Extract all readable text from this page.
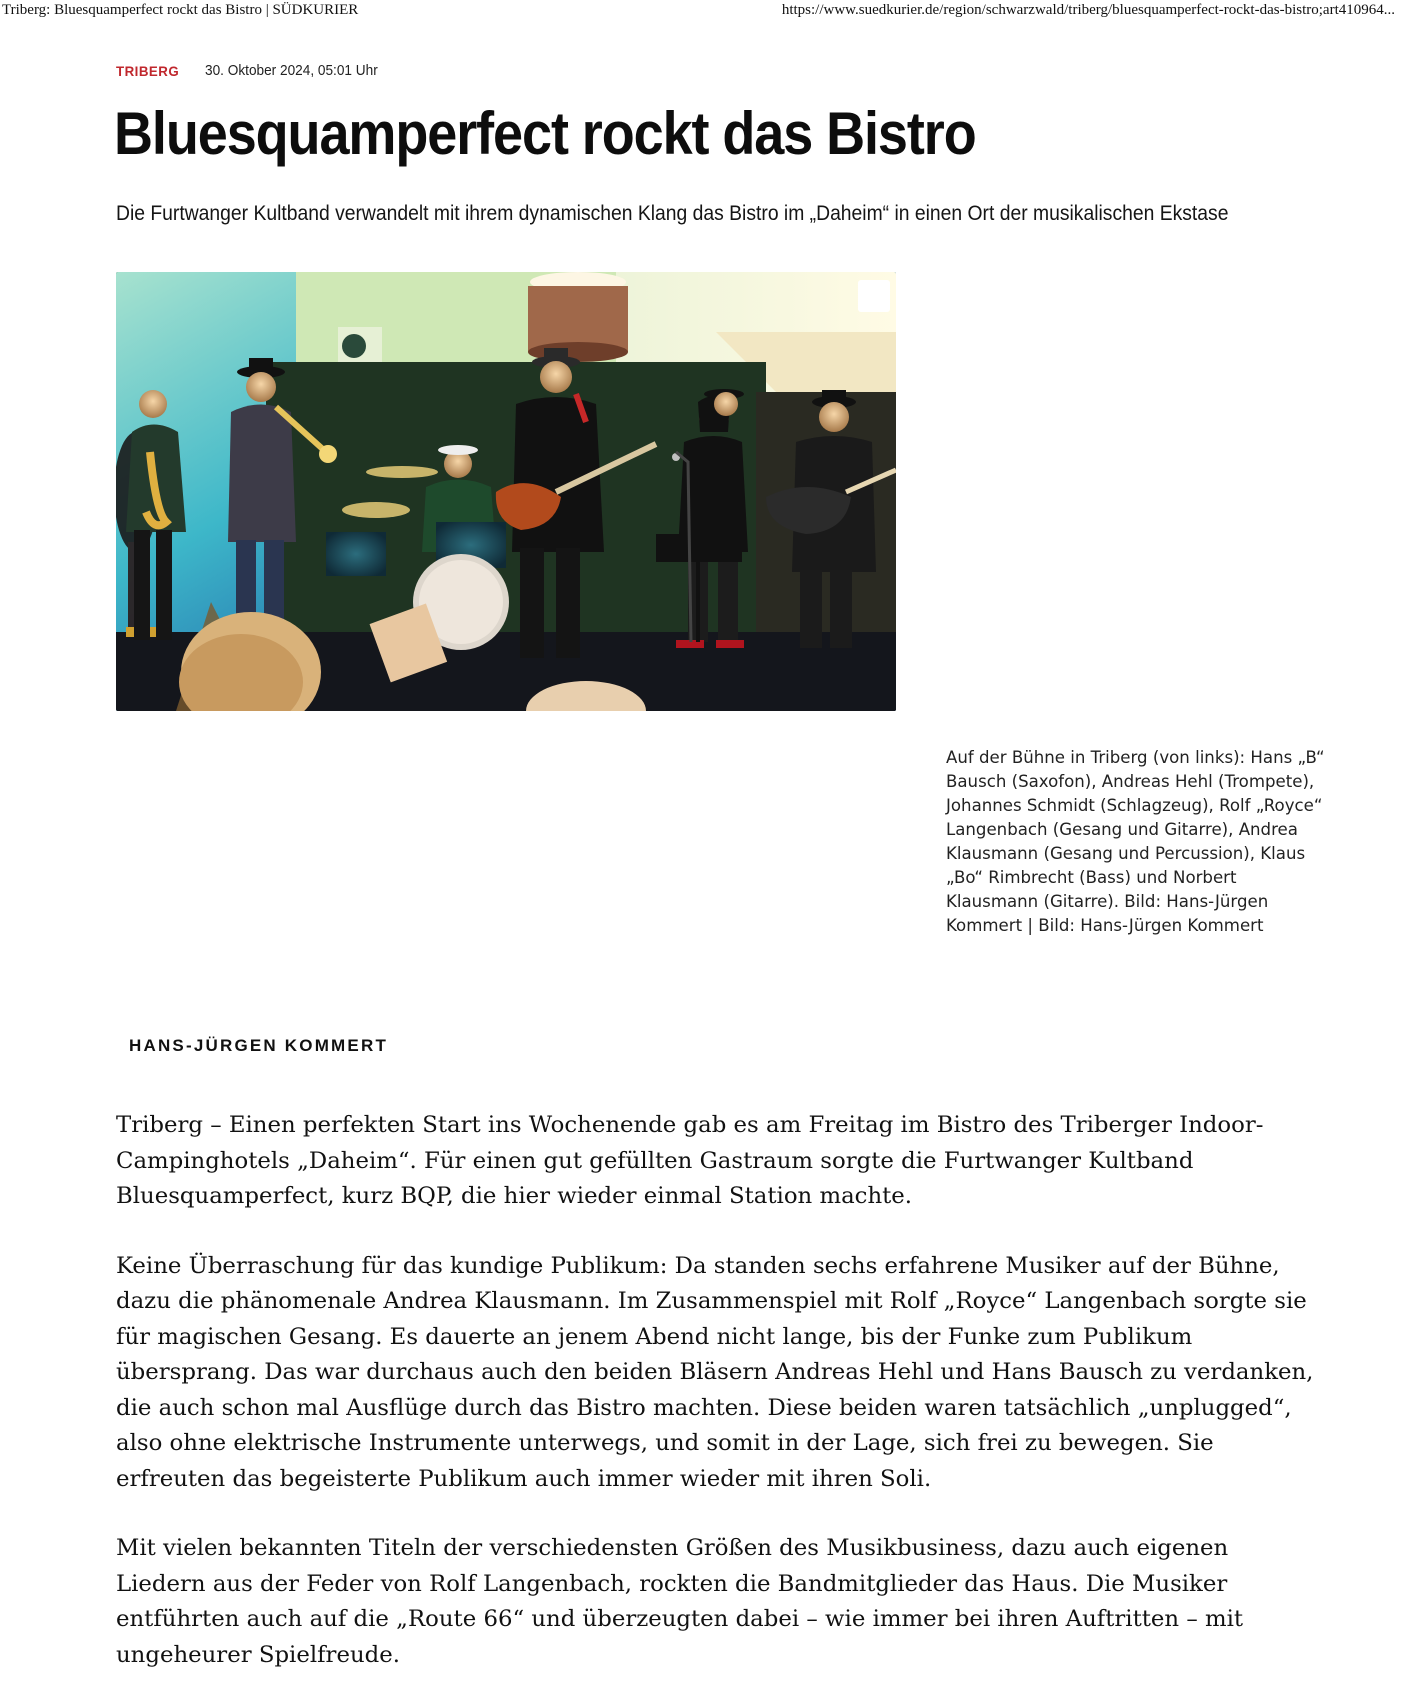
Triberg: Bluesquamperfect rockt das Bistro | SÜDKURIER	https://www.suedkurier.de/region/schwarzwald/triberg/bluesquamperfect-rockt-das-bistro;art410964...
TRIBERG 30. Oktober 2024, 05:01 Uhr
Bluesquamperfect rockt das Bistro

Die Furtwanger Kultband verwandelt mit ihrem dynamischen Klang das Bistro im „Daheim“ in einen Ort der musikalischen Ekstase

Auf der Bühne in Triberg (von links): Hans „B“ Bausch (Saxofon), Andreas Hehl (Trompete), Johannes Schmidt (Schlagzeug), Rolf „Royce“ Langenbach (Gesang und Gitarre), Andrea Klausmann (Gesang und Percussion), Klaus „Bo“ Rimbrecht (Bass) und Norbert Klausmann (Gitarre). Bild: Hans-Jürgen Kommert | Bild: Hans-Jürgen Kommert

HANS-JÜRGEN KOMMERT

Triberg – Einen perfekten Start ins Wochenende gab es am Freitag im Bistro des Triberger Indoor-Campinghotels „Daheim“. Für einen gut gefüllten Gastraum sorgte die Furtwanger Kultband Bluesquamperfect, kurz BQP, die hier wieder einmal Station machte.

Keine Überraschung für das kundige Publikum: Da standen sechs erfahrene Musiker auf der Bühne, dazu die phänomenale Andrea Klausmann. Im Zusammenspiel mit Rolf „Royce“ Langenbach sorgte sie für magischen Gesang. Es dauerte an jenem Abend nicht lange, bis der Funke zum Publikum übersprang. Das war durchaus auch den beiden Bläsern Andreas Hehl und Hans Bausch zu verdanken, die auch schon mal Ausflüge durch das Bistro machten. Diese beiden waren tatsächlich „unplugged“, also ohne elektrische Instrumente unterwegs, und somit in der Lage, sich frei zu bewegen. Sie erfreuten das begeisterte Publikum auch immer wieder mit ihren Soli.

Mit vielen bekannten Titeln der verschiedensten Größen des Musikbusiness, dazu auch eigenen Liedern aus der Feder von Rolf Langenbach, rockten die Bandmitglieder das Haus. Die Musiker entführten auch auf die „Route 66“ und überzeugten dabei – wie immer bei ihren Auftritten – mit ungeheurer Spielfreude.
